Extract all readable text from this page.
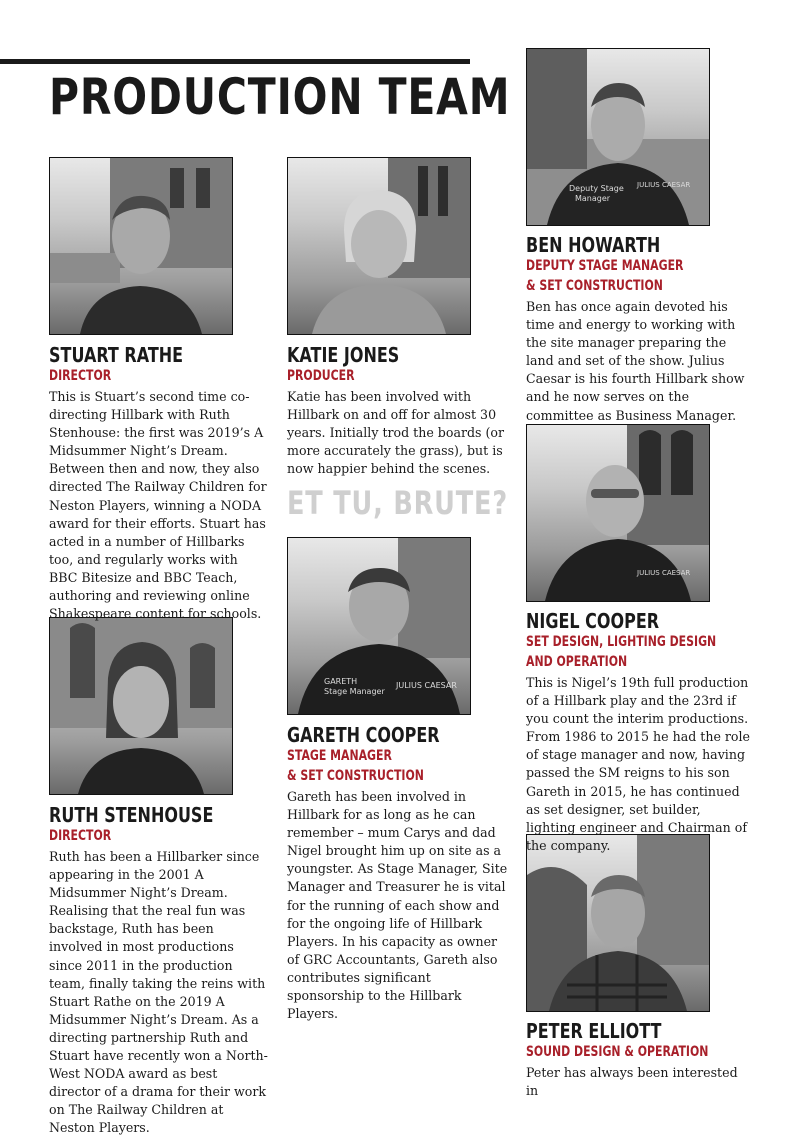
PRODUCTION TEAM
GARETH
Stage Manager
JULIUS CAESAR
Deputy Stage
Manager
JULIUS CAESAR
JULIUS CAESAR
STUART RATHE

DIRECTOR

This is Stuart’s second time co-directing Hillbark with Ruth Stenhouse: the first was 2019’s A Midsummer Night’s Dream. Between then and now, they also directed The Railway Children for Neston Players, winning a NODA award for their efforts. Stuart has acted in a number of Hillbarks too, and regularly works with BBC Bitesize and BBC Teach, authoring and reviewing online Shakespeare content for schools.

RUTH STENHOUSE

DIRECTOR

Ruth has been a Hillbarker since appearing in the 2001 A Midsummer Night’s Dream. Realising that the real fun was backstage, Ruth has been involved in most productions since 2011 in the production team, finally taking the reins with Stuart Rathe on the 2019 A Midsummer Night’s Dream. As a directing partnership Ruth and Stuart have recently won a North-West NODA award as best director of a drama for their work on The Railway Children at Neston Players.

KATIE JONES

PRODUCER

Katie has been involved with Hillbark on and off for almost 30 years. Initially trod the boards (or more accurately the grass), but is now happier behind the scenes.

ET TU, BRUTE?

GARETH COOPER

STAGE MANAGER

& SET CONSTRUCTION

Gareth has been involved in Hillbark for as long as he can remember – mum Carys and dad Nigel brought him up on site as a youngster. As Stage Manager, Site Manager and Treasurer he is vital for the running of each show and for the ongoing life of Hillbark Players. In his capacity as owner of GRC Accountants, Gareth also contributes significant sponsorship to the Hillbark Players.

BEN HOWARTH

DEPUTY STAGE MANAGER

& SET CONSTRUCTION

Ben has once again devoted his time and energy to working with the site manager preparing the land and set of the show. Julius Caesar is his fourth Hillbark show and he now serves on the committee as Business Manager.

NIGEL COOPER

SET DESIGN, LIGHTING DESIGN

AND OPERATION

This is Nigel’s 19th full production of a Hillbark play and the 23rd if you count the interim productions. From 1986 to 2015 he had the role of stage manager and now, having passed the SM reigns to his son Gareth in 2015, he has continued as set designer, set builder, lighting engineer and Chairman of the company.

PETER ELLIOTT

SOUND DESIGN & OPERATION

Peter has always been interested in
